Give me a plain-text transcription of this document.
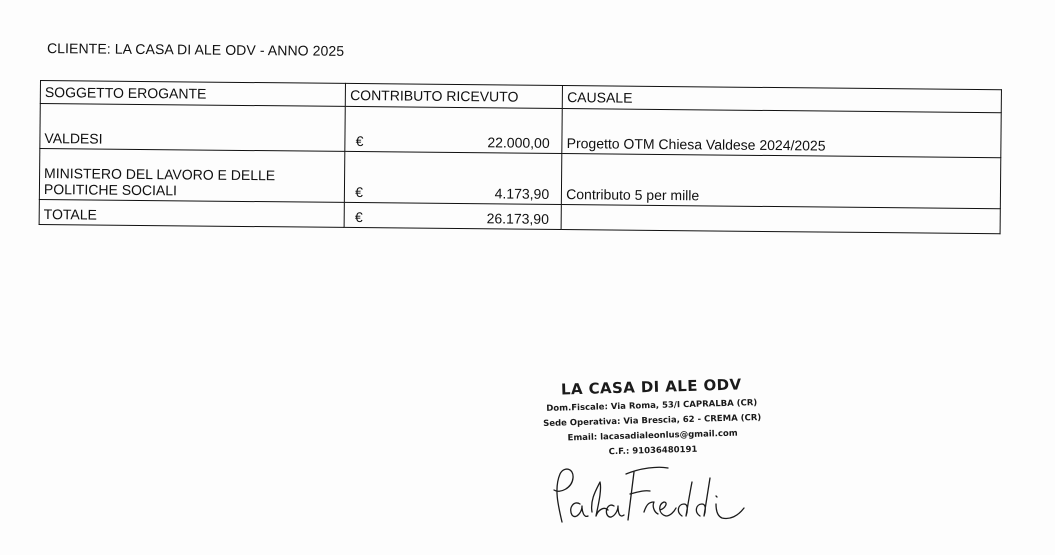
CLIENTE: LA CASA DI ALE ODV - ANNO 2025
SOGGETTO EROGANTE	CONTRIBUTO RICEVUTO	CAUSALE

VALDESI	€ 22.000,00	Progetto OTM Chiesa Valdese 2024/2025

MINISTERO DEL LAVORO E DELLE
POLITICHE SOCIALI	€ 4.173,90	Contributo 5 per mille

TOTALE	€ 26.173,90	

LA CASA DI ALE ODV
Dom.Fiscale: Via Roma, 53/I CAPRALBA (CR)
Sede Operativa: Via Brescia, 62 - CREMA (CR)
Email: lacasadialeonlus@gmail.com
C.F.: 91036480191
